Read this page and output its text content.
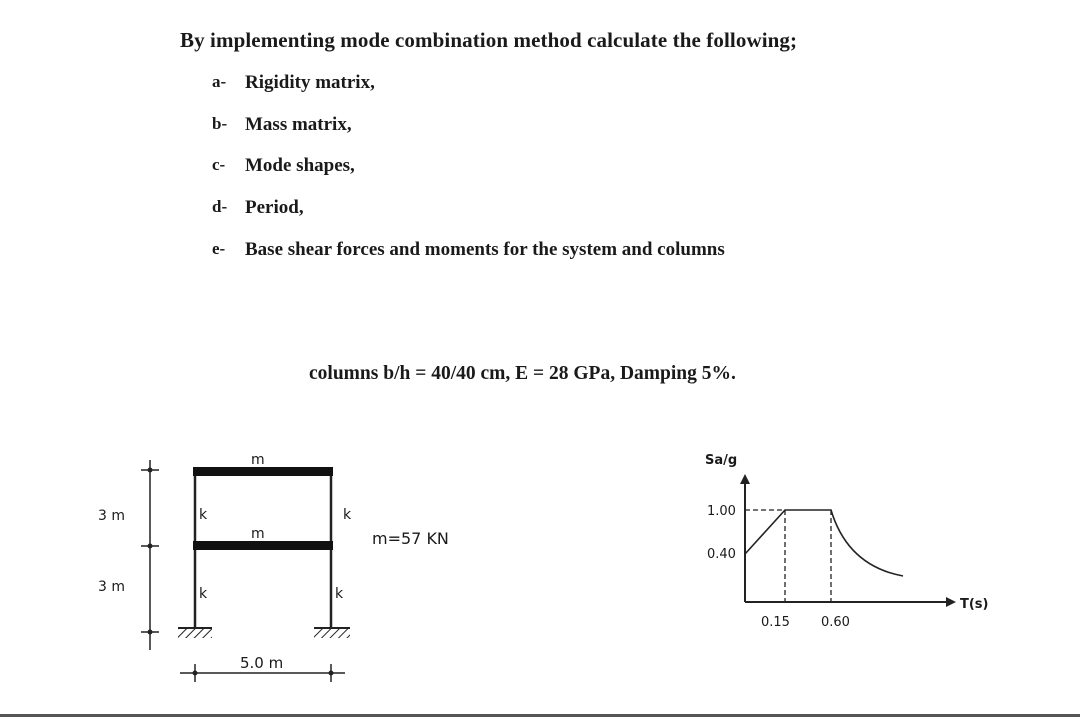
By implementing mode combination method calculate the following;
a- Rigidity matrix,
b- Mass matrix,
c-	Mode shapes,
d- Period,
e-	Base shear forces and moments for the system and columns
columns b/h = 40/40 cm, E = 28 GPa, Damping 5%.
3 m
3 m
m
m
k	k
k	k
5.0 m
m=57 KN
Sa/g
T(s)
1.00
0.40
0.15 0.60
